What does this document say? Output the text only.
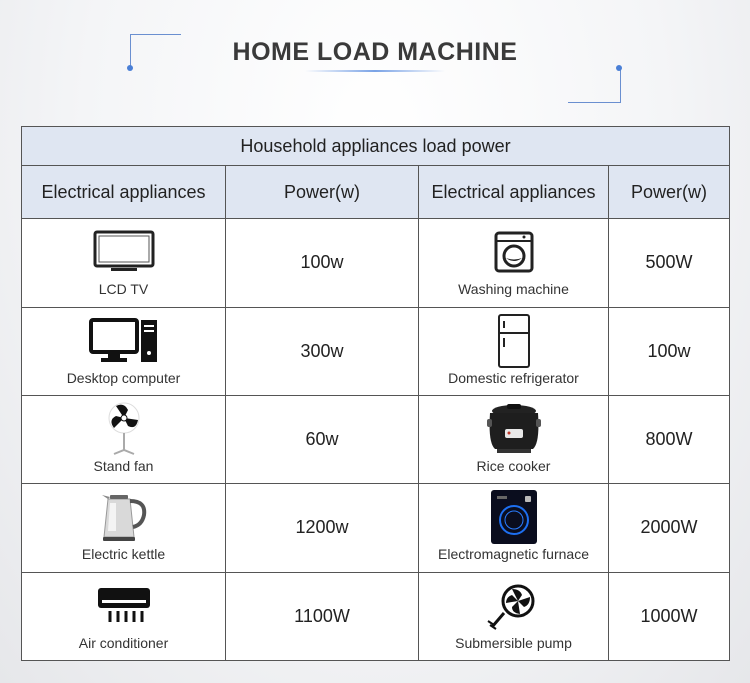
HOME LOAD MACHINE
Household appliances load power			
Electrical appliances	Power(w)	Electrical appliances	Power(w)

LCD TV	100w	Washing machine	500W

Desktop computer	300w	Domestic refrigerator	100w

Stand fan	60w	Rice cooker	800W

Electric kettle	1200w	Electromagnetic furnace	2000W

Air conditioner	1100W	Submersible pump	1000W
